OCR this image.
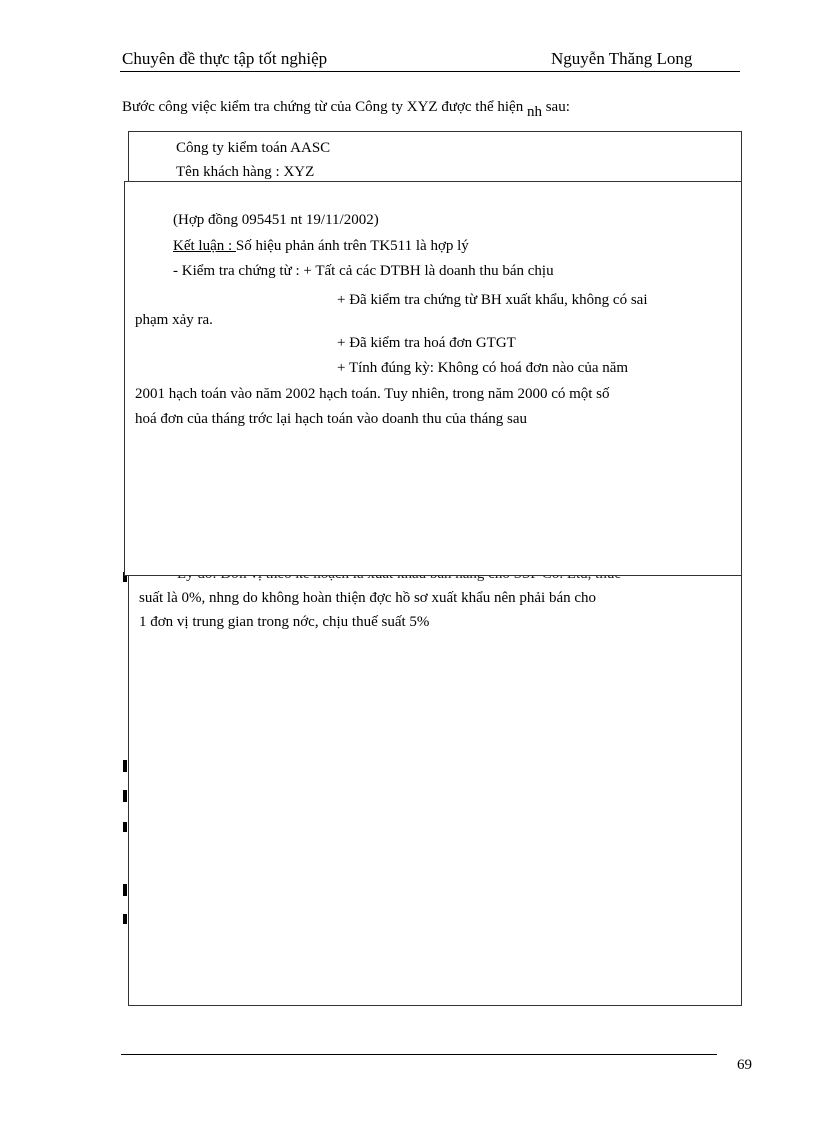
Chuyên đề thực tập tốt nghiệp	Nguyễn Thăng Long
Bước công việc kiểm tra chứng từ của Công ty XYZ được thể hiện nh sau:
suất là 0%, nhng do không hoàn thiện đợc hồ sơ xuất khẩu nên phải bán cho
1 đơn vị trung gian trong nớc, chịu thuế suất 5%
Công ty kiểm toán AASC
Tên khách hàng : XYZ
(Hợp đồng 095451 nt 19/11/2002)
Kết luận : Số hiệu phản ánh trên TK511 là hợp lý
- Kiểm tra chứng từ : + Tất cả các DTBH là doanh thu bán chịu
+ Đã kiểm tra chứng từ BH xuất khẩu, không có sai
phạm xảy ra.
+ Đã kiểm tra hoá đơn GTGT
+ Tính đúng kỳ: Không có hoá đơn nào của năm
2001 hạch toán vào năm 2002 hạch toán. Tuy nhiên, trong năm 2000 có một số
hoá đơn của tháng trớc lại hạch toán vào doanh thu của tháng sau
69
